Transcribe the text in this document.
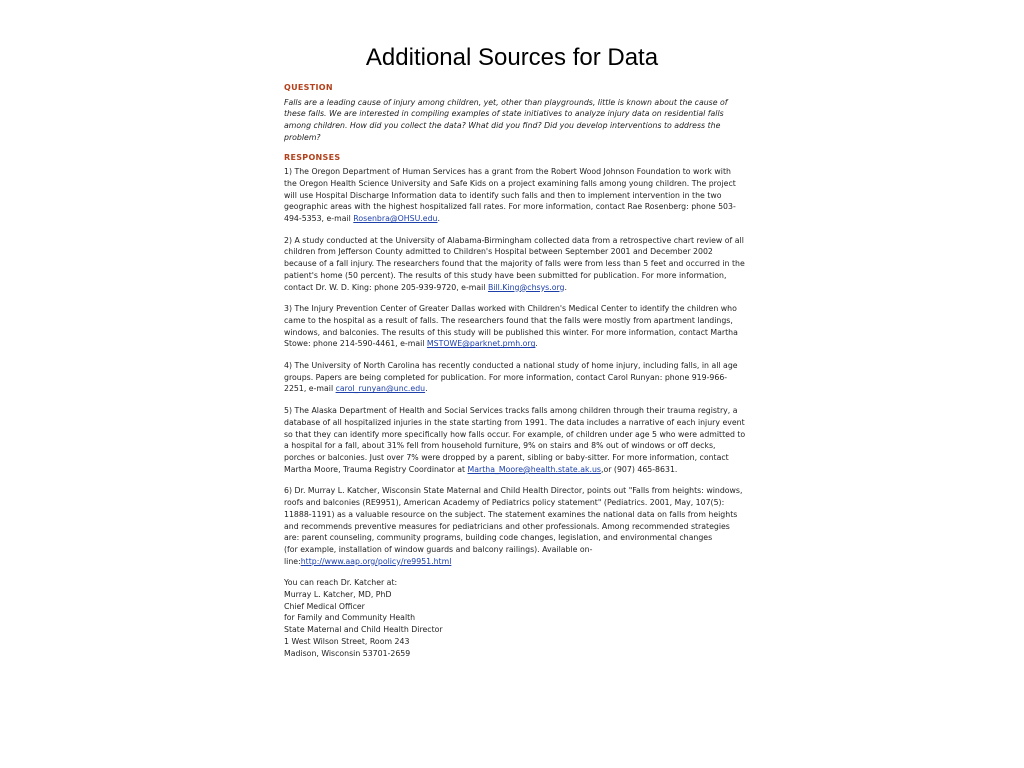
Additional Sources for Data
QUESTION
Falls are a leading cause of injury among children, yet, other than playgrounds, little is known about the cause of these falls. We are interested in compiling examples of state initiatives to analyze injury data on residential falls among children. How did you collect the data? What did you find? Did you develop interventions to address the problem?
RESPONSES

1) The Oregon Department of Human Services has a grant from the Robert Wood Johnson Foundation to work with the Oregon Health Science University and Safe Kids on a project examining falls among young children. The project will use Hospital Discharge Information data to identify such falls and then to implement intervention in the two geographic areas with the highest hospitalized fall rates. For more information, contact Rae Rosenberg: phone 503-494-5353, e-mail Rosenbra@OHSU.edu.

2) A study conducted at the University of Alabama-Birmingham collected data from a retrospective chart review of all children from Jefferson County admitted to Children's Hospital between September 2001 and December 2002 because of a fall injury. The researchers found that the majority of falls were from less than 5 feet and occurred in the patient's home (50 percent). The results of this study have been submitted for publication. For more information, contact Dr. W. D. King: phone 205-939-9720, e-mail Bill.King@chsys.org.

3) The Injury Prevention Center of Greater Dallas worked with Children's Medical Center to identify the children who came to the hospital as a result of falls. The researchers found that the falls were mostly from apartment landings, windows, and balconies. The results of this study will be published this winter. For more information, contact Martha Stowe: phone 214-590-4461, e-mail MSTOWE@parknet.pmh.org.

4) The University of North Carolina has recently conducted a national study of home injury, including falls, in all age groups. Papers are being completed for publication. For more information, contact Carol Runyan: phone 919-966-2251, e-mail carol_runyan@unc.edu.

5) The Alaska Department of Health and Social Services tracks falls among children through their trauma registry, a database of all hospitalized injuries in the state starting from 1991. The data includes a narrative of each injury event so that they can identify more specifically how falls occur. For example, of children under age 5 who were admitted to a hospital for a fall, about 31% fell from household furniture, 9% on stairs and 8% out of windows or off decks, porches or balconies. Just over 7% were dropped by a parent, sibling or baby-sitter. For more information, contact Martha Moore, Trauma Registry Coordinator at Martha_Moore@health.state.ak.us,or (907) 465-8631.

6) Dr. Murray L. Katcher, Wisconsin State Maternal and Child Health Director, points out "Falls from heights: windows, roofs and balconies (RE9951), American Academy of Pediatrics policy statement" (Pediatrics. 2001, May, 107(5): 11888-1191) as a valuable resource on the subject. The statement examines the national data on falls from heights and recommends preventive measures for pediatricians and other professionals. Among recommended strategies are: parent counseling, community programs, building code changes, legislation, and environmental changes

(for example, installation of window guards and balcony railings). Available on-line:http://www.aap.org/policy/re9951.html

You can reach Dr. Katcher at:
Murray L. Katcher, MD, PhD
Chief Medical Officer
for Family and Community Health
State Maternal and Child Health Director
1 West Wilson Street, Room 243
Madison, Wisconsin 53701-2659
